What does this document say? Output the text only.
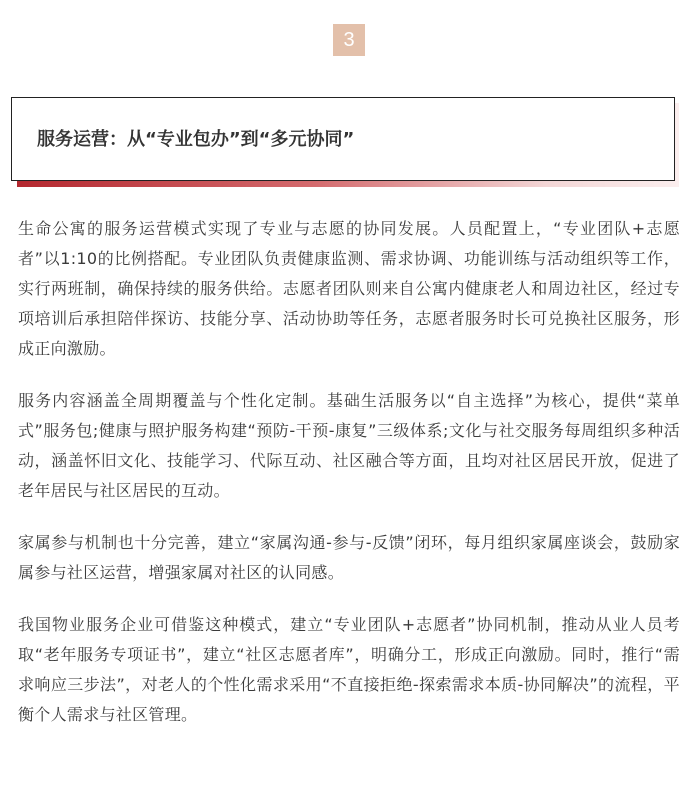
3
服务运营：从“专业包办”到“多元协同”

生命公寓的服务运营模式实现了专业与志愿的协同发展。人员配置上，“专业团队+志愿者”以1:10的比例搭配。专业团队负责健康监测、需求协调、功能训练与活动组织等工作，实行两班制，确保持续的服务供给。志愿者团队则来自公寓内健康老人和周边社区，经过专项培训后承担陪伴探访、技能分享、活动协助等任务，志愿者服务时长可兑换社区服务，形成正向激励。

服务内容涵盖全周期覆盖与个性化定制。基础生活服务以“自主选择”为核心，提供“菜单式”服务包;健康与照护服务构建“预防-干预-康复”三级体系;文化与社交服务每周组织多种活动，涵盖怀旧文化、技能学习、代际互动、社区融合等方面，且均对社区居民开放，促进了老年居民与社区居民的互动。

家属参与机制也十分完善，建立“家属沟通-参与-反馈”闭环，每月组织家属座谈会，鼓励家属参与社区运营，增强家属对社区的认同感。

我国物业服务企业可借鉴这种模式，建立“专业团队+志愿者”协同机制，推动从业人员考取“老年服务专项证书”，建立“社区志愿者库”，明确分工，形成正向激励。同时，推行“需求响应三步法”，对老人的个性化需求采用“不直接拒绝-探索需求本质-协同解决”的流程，平衡个人需求与社区管理。
